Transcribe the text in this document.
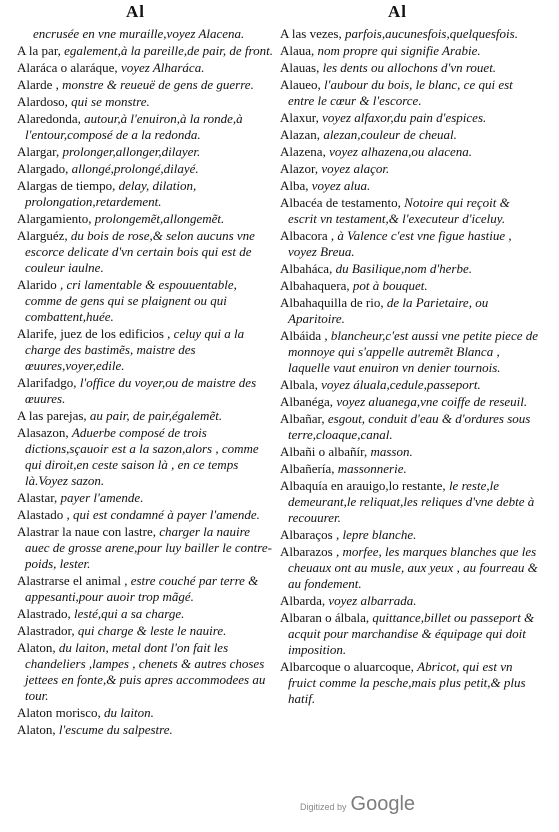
Al	Al
encrusée en vne muraille,voyez Alacena.
A la par, egalement,à la pareille,de pair, de front.
Alaráca o alaráque, voyez Alharáca.
Alarde , monstre & reueuë de gens de guerre.
Alardoso, qui se monstre.
Alaredonda, autour,à l'enuiron,à la ronde,à l'entour,composé de a la redonda.
Alargar, prolonger,allonger,dilayer.
Alargado, allongé,prolongé,dilayé.
Alargas de tiempo, delay, dilation, prolongation,retardement.
Alargamiento, prolongemẽt,allongemẽt.
Alarguéz, du bois de rose,& selon aucuns vne escorce delicate d'vn certain bois qui est de couleur iaulne.
Alarido , cri lamentable & espouuentable, comme de gens qui se plaignent ou qui combattent,huée.
Alarife, juez de los edificios , celuy qui a la charge des bastimẽs, maistre des œuures,voyer,edile.
Alarifadgo, l'office du voyer,ou de maistre des œuures.
A las parejas, au pair, de pair,égalemẽt.
Alasazon, Aduerbe composé de trois dictions,sçauoir est a la sazon,alors , comme qui diroit,en ceste saison là , en ce temps là.Voyez sazon.
Alastar, payer l'amende.
Alastado , qui est condamné à payer l'amende.
Alastrar la naue con lastre, charger la nauire auec de grosse arene,pour luy bailler le contre-poids, lester.
Alastrarse el animal , estre couché par terre & appesanti,pour auoir trop mãgé.
Alastrado, lesté,qui a sa charge.
Alastrador, qui charge & leste le nauire.
Alaton, du laiton, metal dont l'on fait les chandeliers ,lampes , chenets & autres choses jettees en fonte,& puis apres accommodees au tour.
Alaton morisco, du laiton.
Alaton, l'escume du salpestre.
A las vezes, parfois,aucunesfois,quelquesfois.
Alaua, nom propre qui signifie Arabie.
Alauas, les dents ou allochons d'vn rouet.
Alaueo, l'aubour du bois, le blanc, ce qui est entre le cœur & l'escorce.
Alaxur, voyez alfaxor,du pain d'espices.
Alazan, alezan,couleur de cheual.
Alazena, voyez alhazena,ou alacena.
Alazor, voyez alaçor.
Alba, voyez alua.
Albacéa de testamento, Notoire qui reçoit & escrit vn testament,& l'executeur d'iceluy.
Albacora , à Valence c'est vne figue hastiue , voyez Breua.
Albaháca, du Basilique,nom d'herbe.
Albahaquera, pot à bouquet.
Albahaquilla de rio, de la Parietaire, ou Aparitoire.
Albáida , blancheur,c'est aussi vne petite piece de monnoye qui s'appelle autremẽt Blanca , laquelle vaut enuiron vn denier tournois.
Albala, voyez áluala,cedule,passeport.
Albanéga, voyez aluanega,vne coiffe de reseuil.
Albañar, esgout, conduit d'eau & d'ordures sous terre,cloaque,canal.
Albañi o albañír, masson.
Albañería, massonnerie.
Albaquía en arauigo,lo restante, le reste,le demeurant,le reliquat,les reliques d'vne debte à recouurer.
Albaraços , lepre blanche.
Albarazos , morfee, les marques blanches que les cheuaux ont au musle, aux yeux , au fourreau & au fondement.
Albarda, voyez albarrada.
Albaran o álbala, quittance,billet ou passeport & acquit pour marchandise & équipage qui doit imposition.
Albarcoque o aluarcoque, Abricot, qui est vn fruict comme la pesche,mais plus petit,& plus hatif.
Digitized by Google
